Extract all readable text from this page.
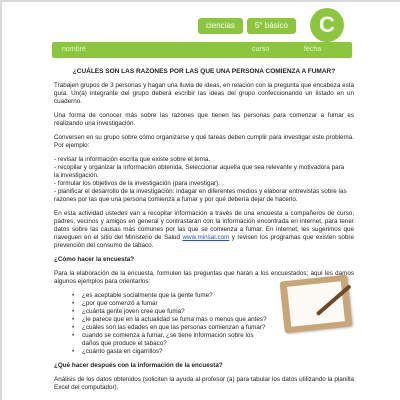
ciencias	5° básico	C
nombre	curso	fecha
¿CUÁLES SON LAS RAZONES POR LAS QUE UNA PERSONA COMIENZA A FUMAR?
Trabajen grupos de 3 personas y hagan una lluvia de ideas, en relación con la pregunta que encabeza esta guía. Un(a) integrante del grupo deberá escribir las ideas del grupo confeccionando un listado en un cuaderno.
Una forma de conocer más sobre las razones que tienen las personas para comenzar a fumar es realizando una investigación.
Conversen en su grupo sobre cómo organizarse y qué tareas deben cumplir para investigar este problema. Por ejemplo:
- revisar la información escrita que existe sobre el tema.
- recopilar y organizar la información obtenida. Seleccionar aquella que sea relevante y motivadora para
la investigación.
- formular los objetivos de la investigación (para investigar).
- planificar el desarrollo de la investigación: indagar en diferentes medios y elaborar entrevistas sobre las
razones por las que una persona comienza a fumar y por qué debería dejar de hacerlo.
En esta actividad ustedes van a recopilar información a través de una encuesta a compañeros de curso, padres, vecinos y amigos en general y contrastarán con la información encontrada en internet, para tener datos sobre las causas más comunes por las que se comienza a fumar. En internet, les sugerimos que naveguen en el sitio del Ministerio de Salud www.minsal.com y revisen los programas que existen sobre prevención del consumo de tabaco.
¿Cómo hacer la encuesta?
Para la elaboración de la encuesta, formulen las preguntas que harán a los encuestados; aquí les damos algunos ejemplos para orientarlos:
• ¿es aceptable socialmente que la gente fume?
• ¿por qué comenzó a fumar
• ¿cuánta gente joven cree que fuma?
• ¿le parece que en la actualidad se fuma más o menos que antes?
• ¿cuáles son las edades en que las personas comienzan a fumar?
• cuando se comienza a fumar, ¿se tiene información sobre los daños que produce el tabaco?
• ¿cuánto gasta en cigarrillos?
¿Qué hacer después con la información de la encuesta?
Análisis de los datos obtenidos (soliciten la ayuda al profesor (a) para tabular los datos utilizando la planilla Excel del computador).
